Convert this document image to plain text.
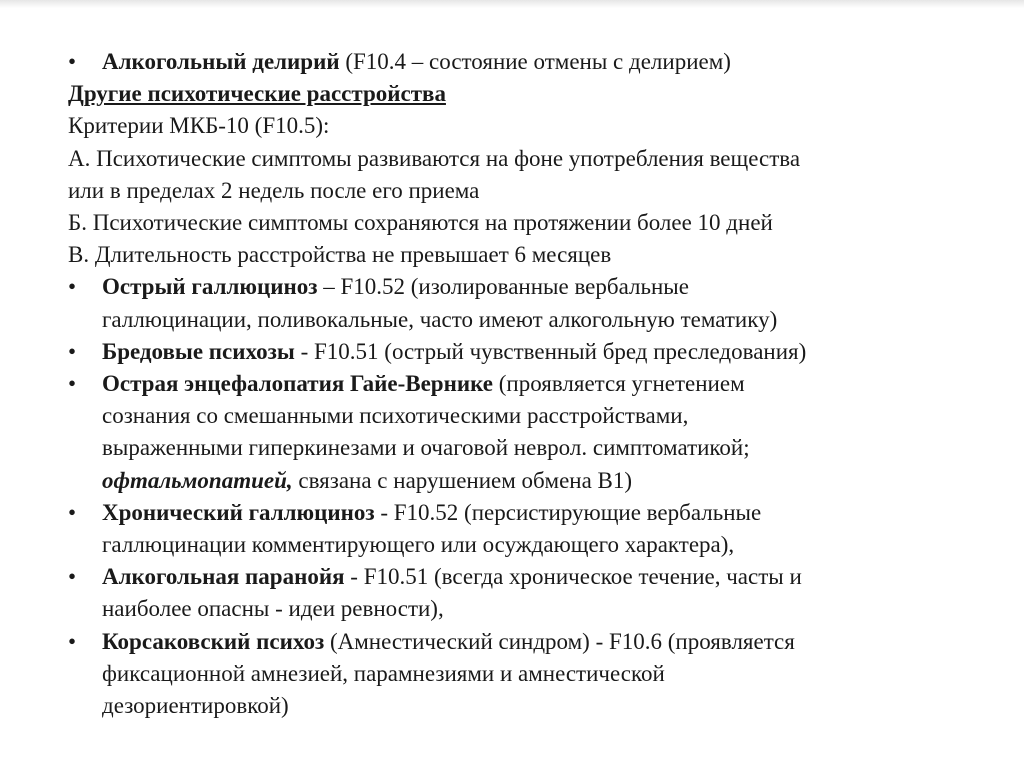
•	Алкогольный делирий (F10.4 – состояние отмены с делирием)

Другие психотические расстройства

Критерии МКБ-10 (F10.5):

А. Психотические симптомы развиваются на фоне употребления вещества

или в пределах 2 недель после его приема

Б. Психотические симптомы сохраняются на протяжении более 10 дней

В. Длительность расстройства не превышает 6 месяцев

•	Острый галлюциноз – F10.52 (изолированные вербальные
галлюцинации, поливокальные, часто имеют алкогольную тематику)
•	Бредовые психозы - F10.51 (острый чувственный бред преследования)
•	Острая энцефалопатия Гайе-Вернике (проявляется угнетением
сознания со смешанными психотическими расстройствами,
выраженными гиперкинезами и очаговой неврол. симптоматикой;
офтальмопатией, связана с нарушением обмена B1)
•	Хронический галлюциноз - F10.52 (персистирующие вербальные
галлюцинации комментирующего или осуждающего характера),
•	Алкогольная паранойя - F10.51 (всегда хроническое течение, часты и
наиболее опасны - идеи ревности),
•	Корсаковский психоз (Амнестический синдром) - F10.6 (проявляется
фиксационной амнезией, парамнезиями и амнестической
дезориентировкой)
